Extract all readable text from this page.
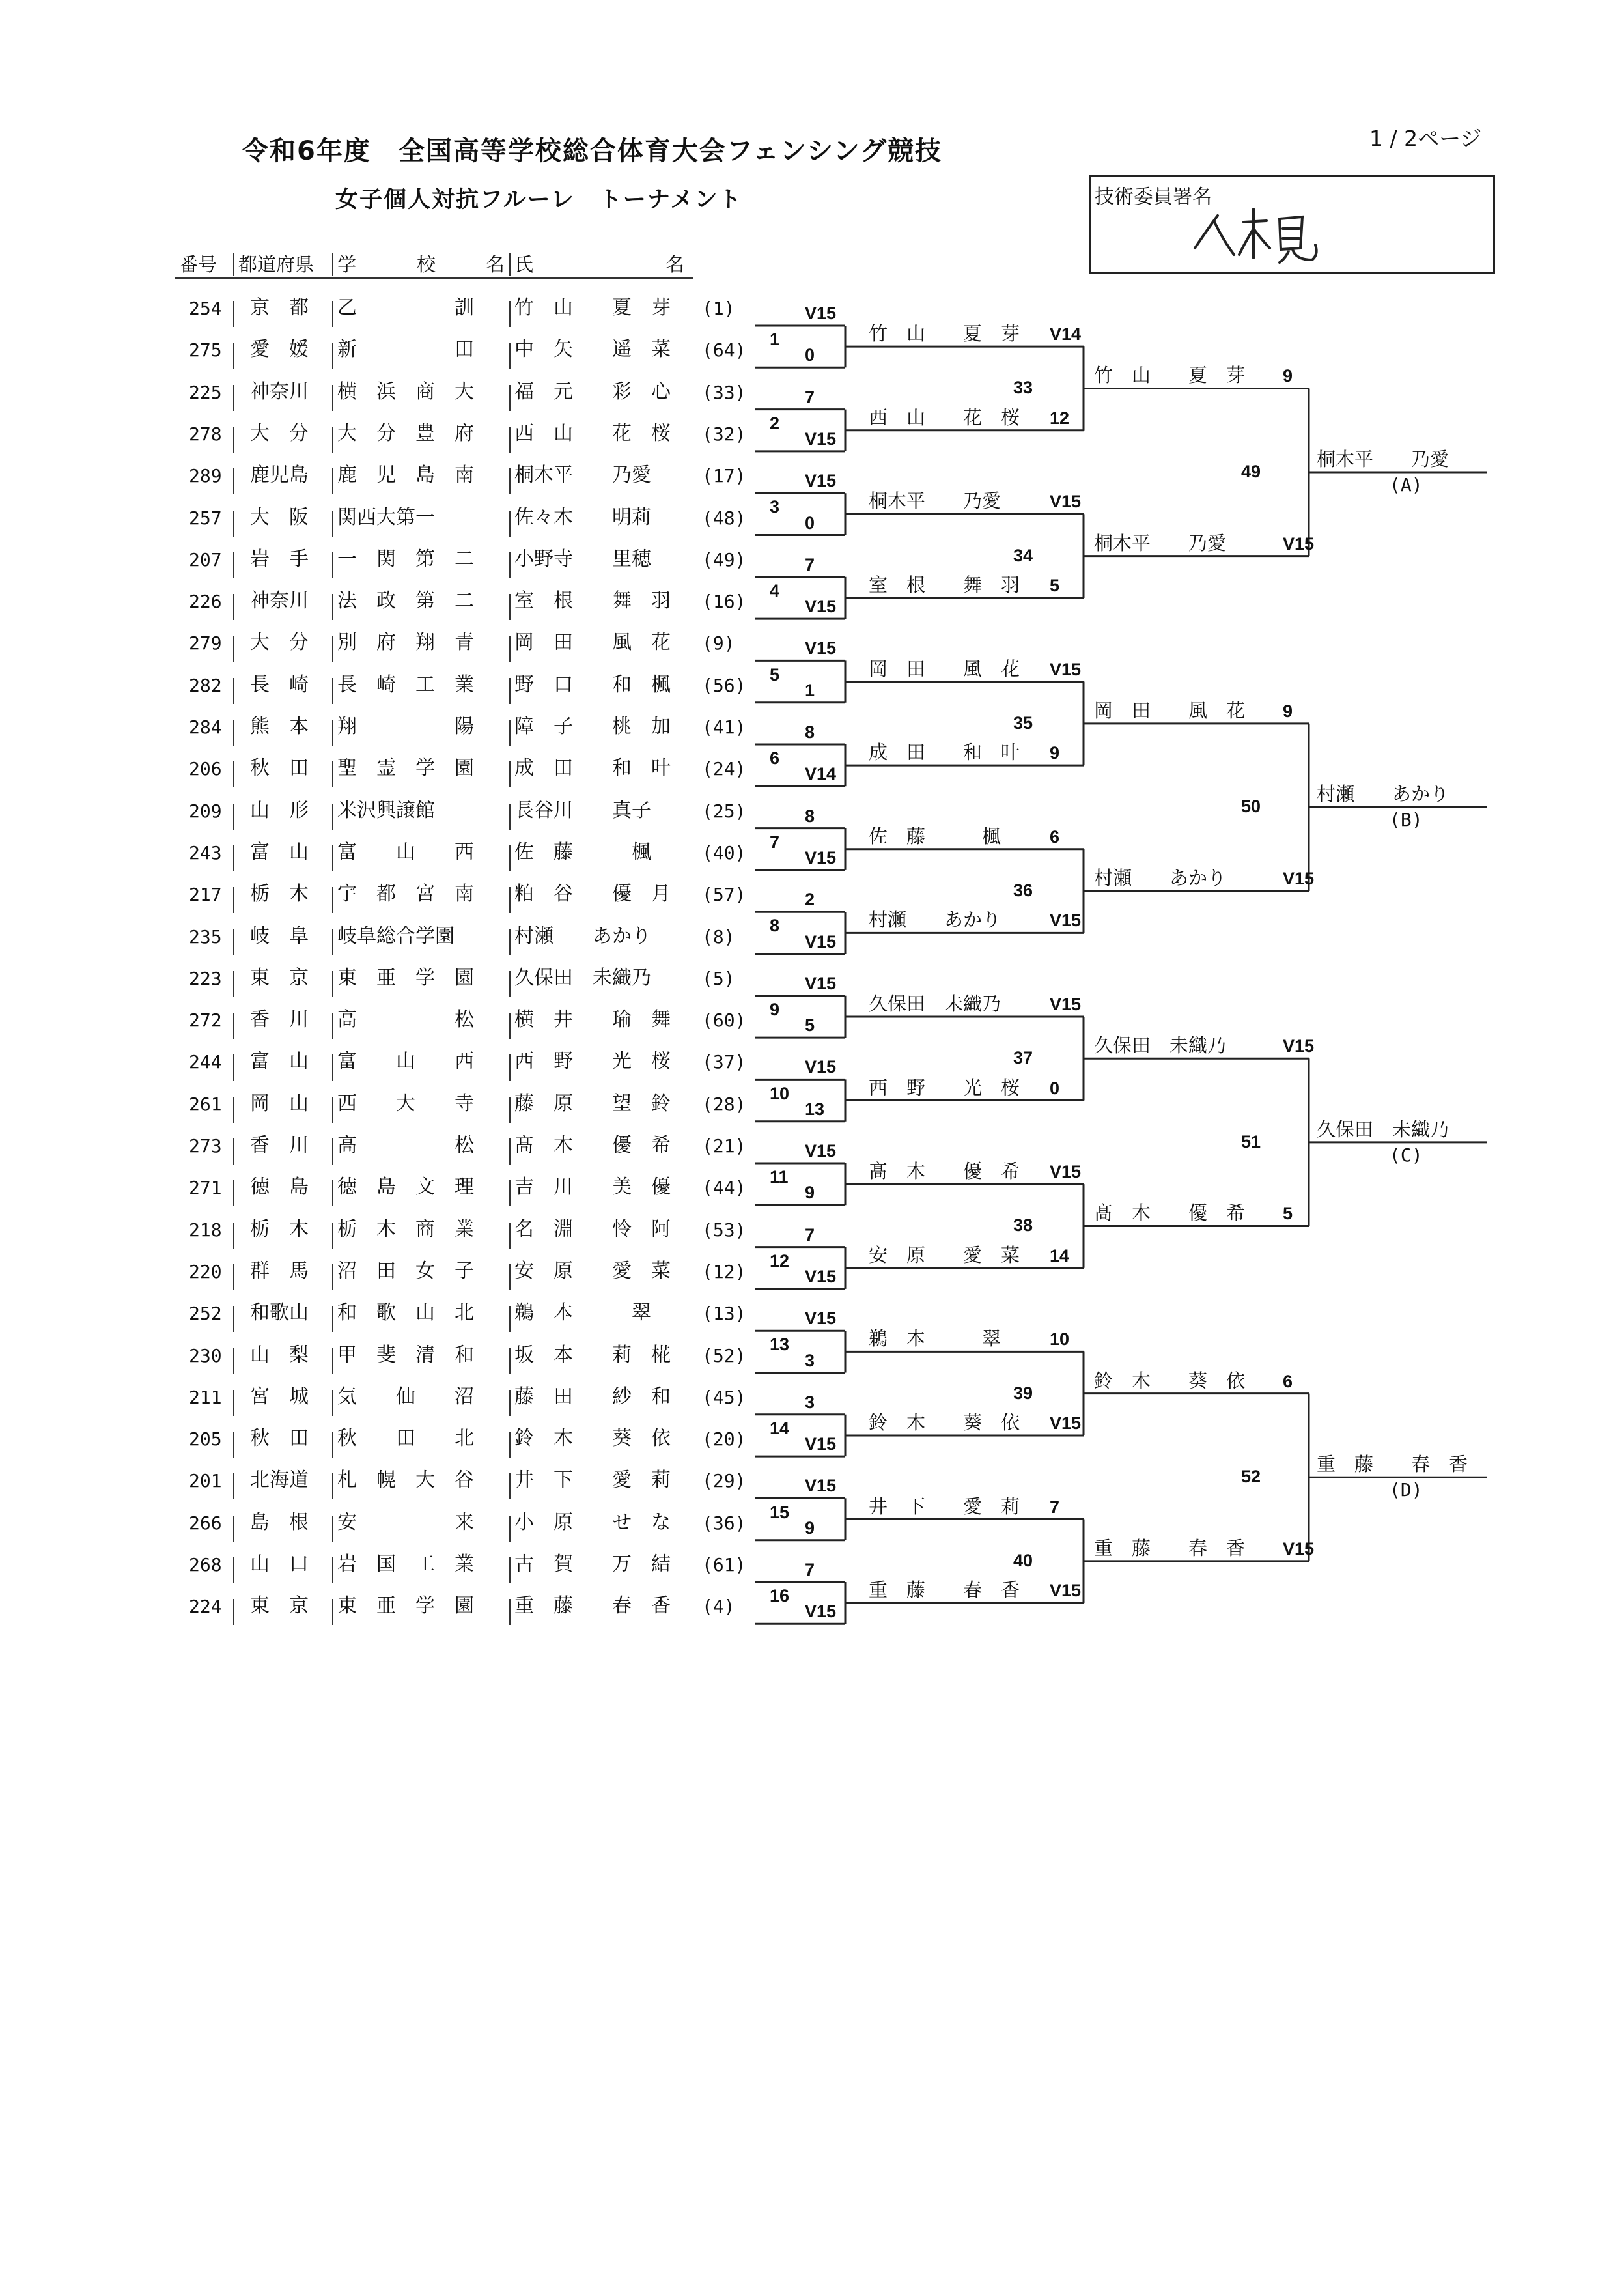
令和6年度　全国高等学校総合体育大会フェンシング競技
女子個人対抗フルーレ　トーナメント
1 / 2ページ
技術委員署名
番号 都道府県 学	校	名 氏	名
254 京　都 乙　　　　　訓	竹　山　　夏　芽 (1)
275 愛　媛 新　　　　　田	中　矢　　遥　菜 (64)
225 神奈川 横　浜　商　大	福　元　　彩　心 (33)
278 大　分 大　分　豊　府	西　山　　花　桜 (32)
289 鹿児島 鹿　児　島　南	桐木平　　乃愛	(17)
257 大　阪 関西大第一	佐々木　　明莉	(48)
207 岩　手 一　関　第　二	小野寺　　里穂	(49)
226 神奈川 法　政　第　二	室　根　　舞　羽 (16)
279 大　分 別　府　翔　青	岡　田　　風　花 (9)
282 長　崎 長　崎　工　業	野　口　　和　楓 (56)
284 熊　本 翔　　　　　陽	障　子　　桃　加 (41)
206 秋　田 聖　霊　学　園	成　田　　和　叶 (24)
209 山　形 米沢興譲館	長谷川　　真子	(25)
243 富　山 富　　山　　西	佐　藤　　　楓	(40)
217 栃　木 宇　都　宮　南	粕　谷　　優　月 (57)
235 岐　阜 岐阜総合学園	村瀬　　あかり	(8)
223 東　京 東　亜　学　園	久保田　未織乃	(5)
272 香　川 高　　　　　松	横　井　　瑜　舞 (60)
244 富　山 富　　山　　西	西　野　　光　桜 (37)
261 岡　山 西　　大　　寺	藤　原　　望　鈴 (28)
273 香　川 高　　　　　松	髙　木　　優　希 (21)
271 徳　島 徳　島　文　理	吉　川　　美　優 (44)
218 栃　木 栃　木　商　業	名　淵　　怜　阿 (53)
220 群　馬 沼　田　女　子	安　原　　愛　菜 (12)
252 和歌山 和　歌　山　北	鵜　本　　　翠	(13)
230 山　梨 甲　斐　清　和	坂　本　　莉　椛 (52)
211 宮　城 気　　仙　　沼	藤　田　　紗　和 (45)
205 秋　田 秋　　田　　北	鈴　木　　葵　依 (20)
201 北海道 札　幌　大　谷	井　下　　愛　莉 (29)
266 島　根 安　　　　　来	小　原　　せ　な (36)
268 山　口 岩　国　工　業	古　賀　　万　結 (61)
224 東　京 東　亜　学　園	重　藤　　春　香 (4)
V15
0
1	竹　山　　夏　芽 V14
7
V15
2	西　山　　花　桜 12
V15
0
3	桐木平　　乃愛	V15
7
V15
4	室　根　　舞　羽 5
V15
1
5	岡　田　　風　花 V15
8
V14
6	成　田　　和　叶 9
8
V15
7	佐　藤　　　楓	6
2
V15
8	村瀬　　あかり	V15
V15
5
9	久保田　未織乃	V15
V15
13
10	西　野　　光　桜 0
V15
9
11	髙　木　　優　希 V15
7
V15
12	安　原　　愛　菜 14
V15
3
13	鵜　本　　　翠	10
3
V15
14	鈴　木　　葵　依 V15
V15
9
15	井　下　　愛　莉 7
7
V15
16	重　藤　　春　香 V15
33
竹　山　　夏　芽 9
34
桐木平　　乃愛	V15
35
岡　田　　風　花 9
36
村瀬　　あかり	V15
37
久保田　未織乃	V15
38
髙　木　　優　希 5
39
鈴　木　　葵　依 6
40
重　藤　　春　香 V15
49
桐木平　　乃愛
(A)
50
村瀬　　あかり
(B)
51
久保田　未織乃
(C)
52
重　藤　　春　香
(D)
